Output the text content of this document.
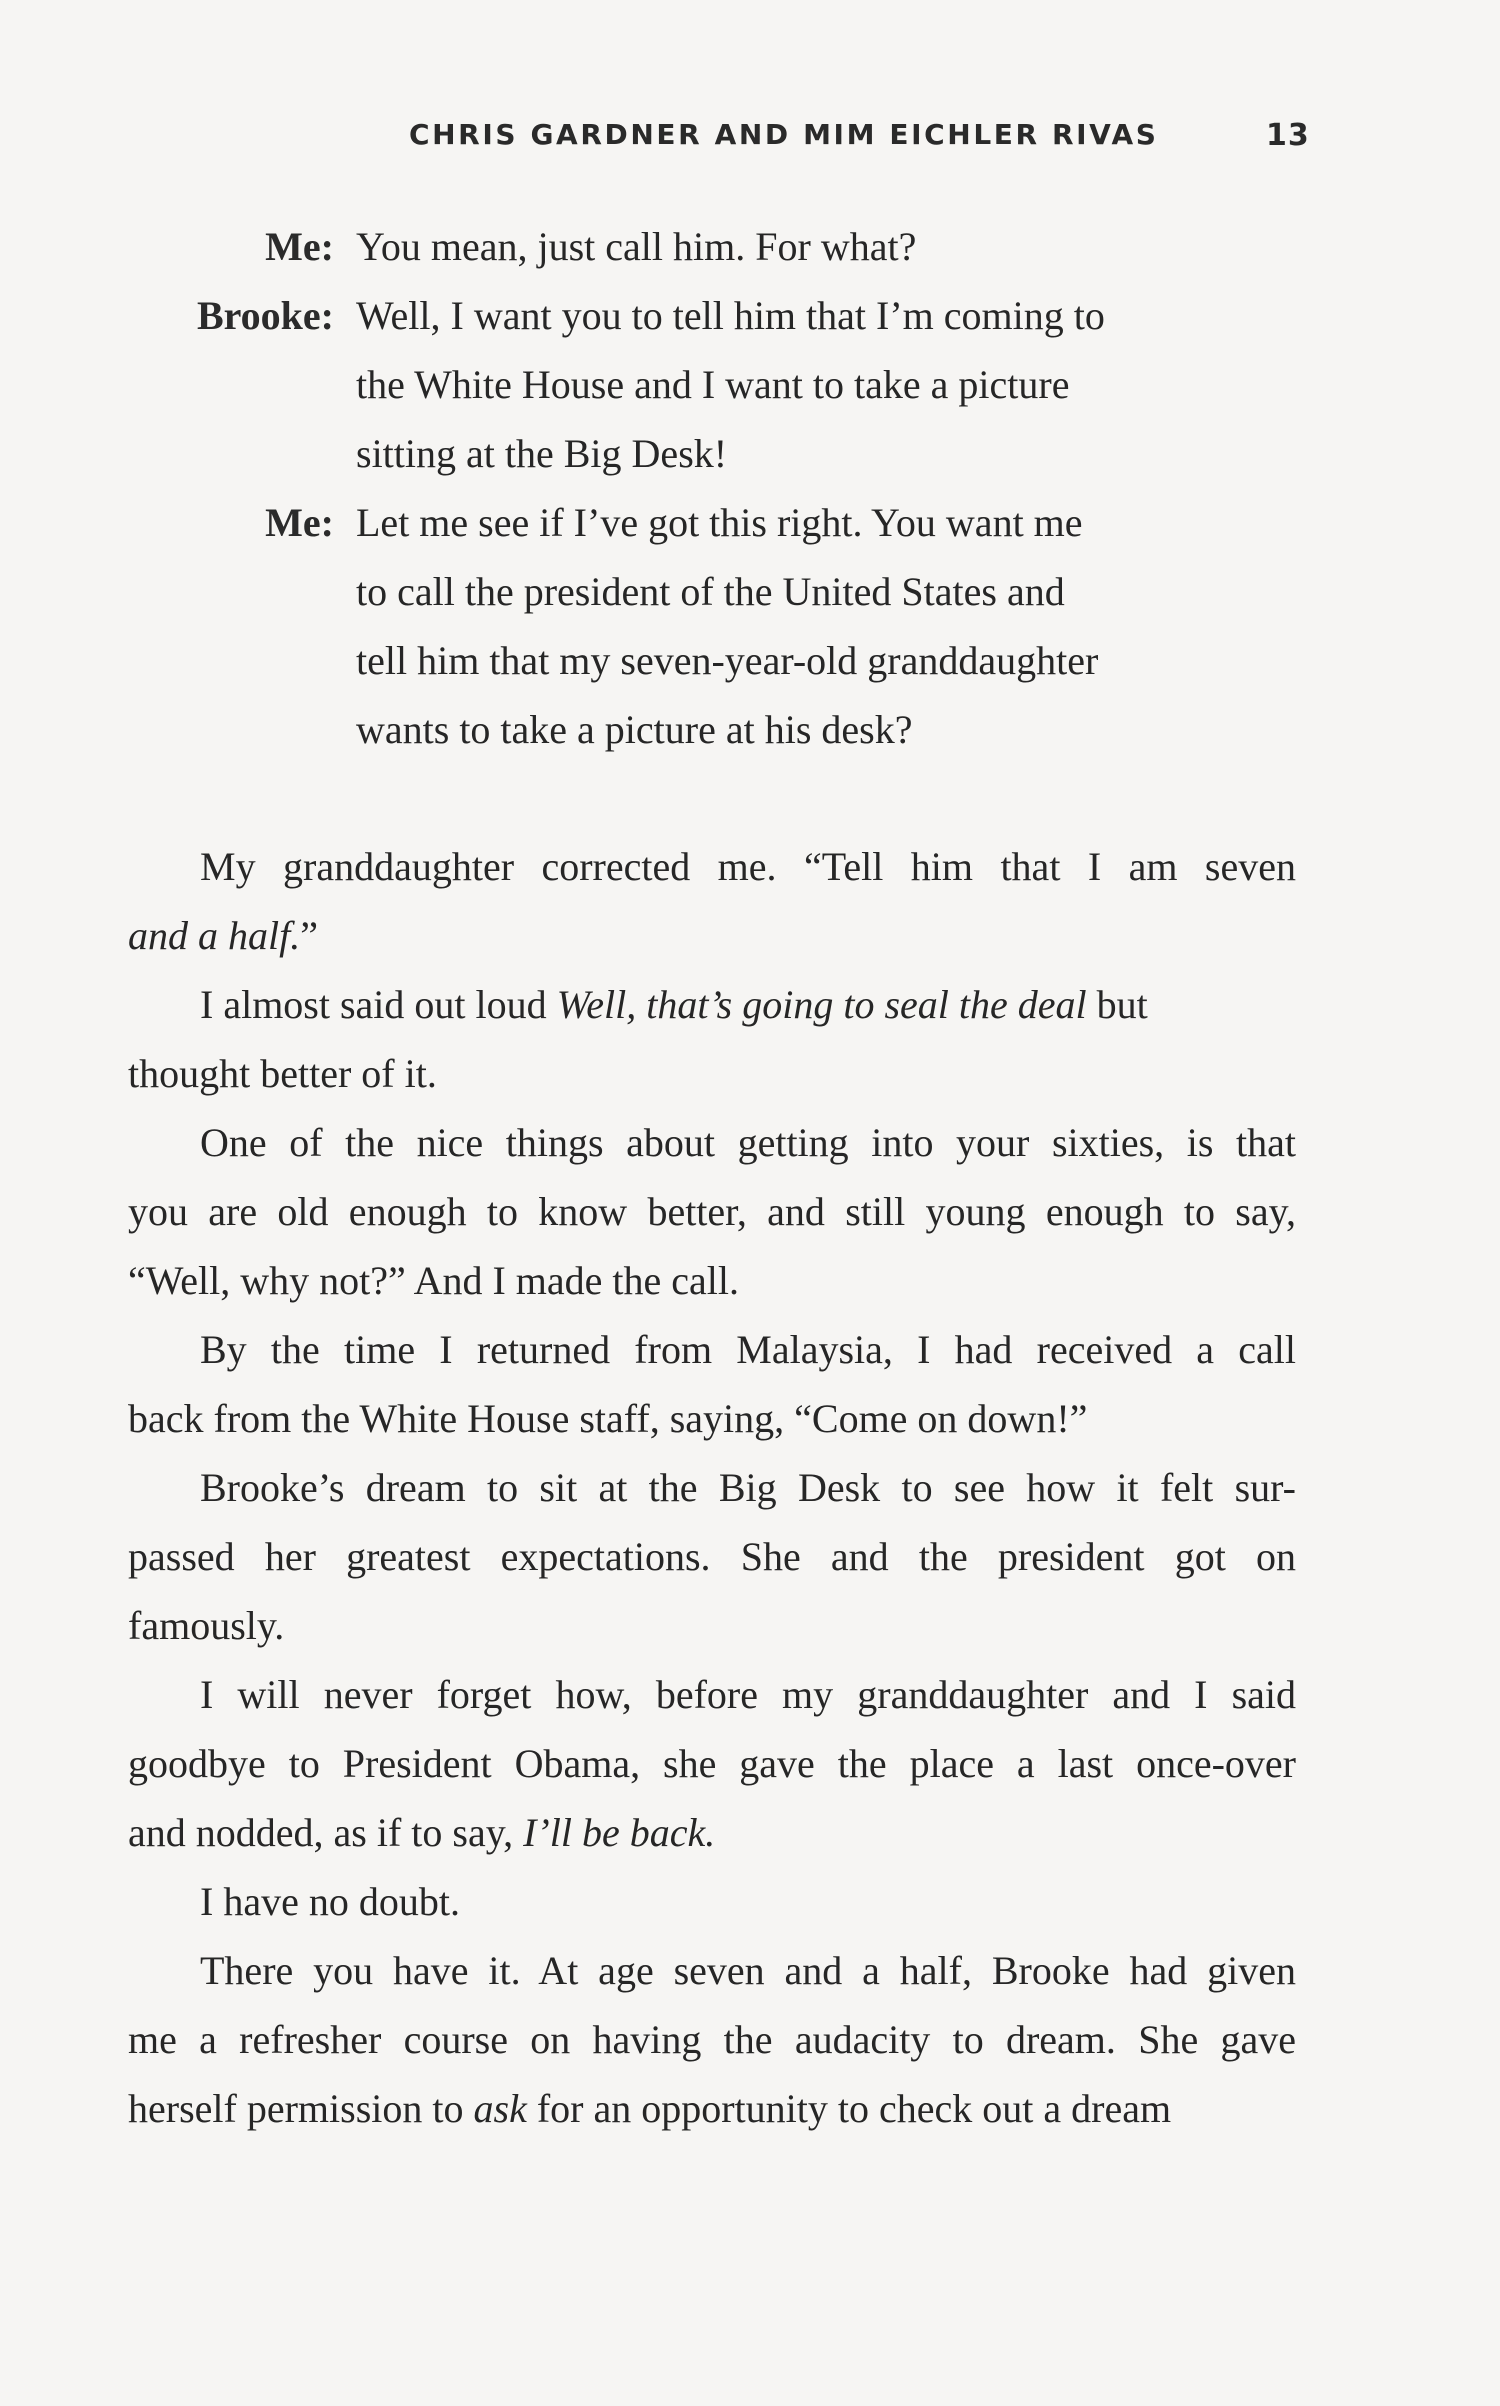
CHRIS GARDNER AND MIM EICHLER RIVAS	13
Me: You mean, just call him. For what?
Brooke: Well, I want you to tell him that I’m coming to
the White House and I want to take a picture
sitting at the Big Desk!
Me: Let me see if I’ve got this right. You want me
to call the president of the United States and
tell him that my seven-year-old granddaughter
wants to take a picture at his desk?
My granddaughter corrected me. “Tell him that I am seven
and a half.”
I almost said out loud Well, that’s going to seal the deal but
thought better of it.
One of the nice things about getting into your sixties, is that
you are old enough to know better, and still young enough to say,
“Well, why not?” And I made the call.
By the time I returned from Malaysia, I had received a call
back from the White House staff, saying, “Come on down!”
Brooke’s dream to sit at the Big Desk to see how it felt sur-
passed her greatest expectations. She and the president got on
famously.
I will never forget how, before my granddaughter and I said
goodbye to President Obama, she gave the place a last once-over
and nodded, as if to say, I’ll be back.
I have no doubt.
There you have it. At age seven and a half, Brooke had given
me a refresher course on having the audacity to dream. She gave
herself permission to ask for an opportunity to check out a dream
